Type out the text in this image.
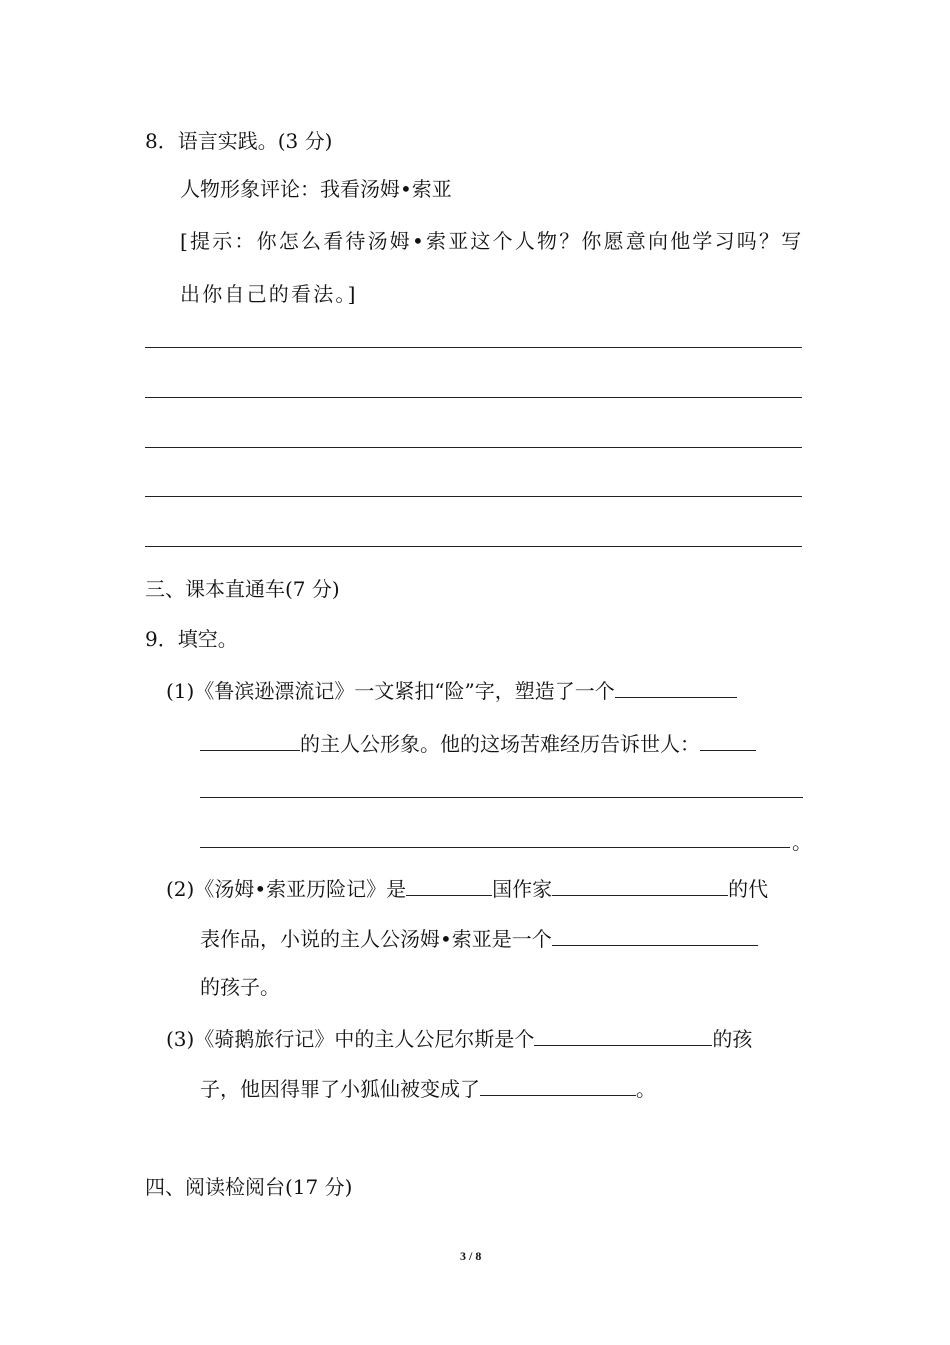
8．语言实践。(3 分)
人物形象评论：我看汤姆•索亚
[提示：你怎么看待汤姆•索亚这个人物？你愿意向他学习吗？写
出你自己的看法。]
三、课本直通车(7 分)
9．填空。
(1)《鲁滨逊漂流记》一文紧扣“险”字，塑造了一个
的主人公形象。他的这场苦难经历告诉世人：
。
(2)《汤姆•索亚历险记》是	国作家	的代
表作品，小说的主人公汤姆•索亚是一个
的孩子。
(3)《骑鹅旅行记》中的主人公尼尔斯是个	的孩
子，他因得罪了小狐仙被变成了	。
四、阅读检阅台(17 分)
3 / 8
